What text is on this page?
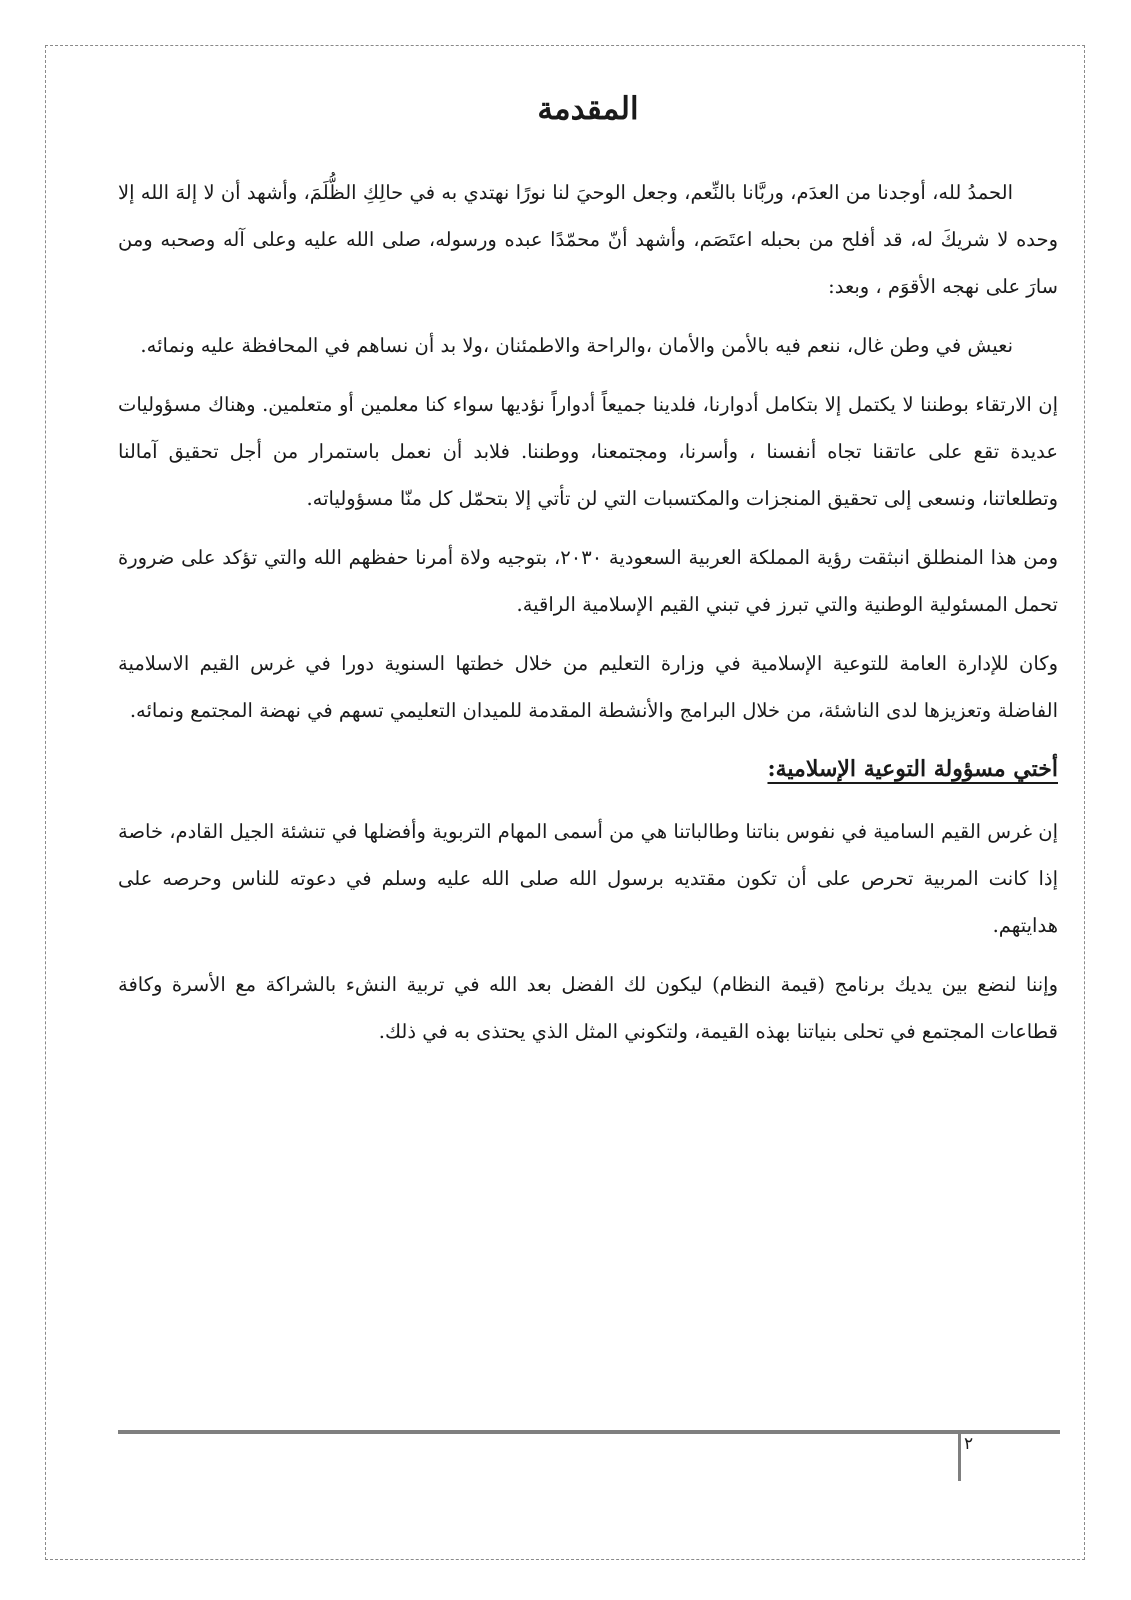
المقدمة

الحمدُ لله، أوجدنا من العدَم، وربَّانا بالنِّعم، وجعل الوحيَ لنا نورًا نهتدي به في حالِكِ الظُّلَمَ، وأشهد أن لا إلهَ الله إلا وحده لا شريكَ له، قد أفلح من بحبله اعتَصَم، وأشهد أنّ محمّدًا عبده ورسوله، صلى الله عليه وعلى آله وصحبه ومن سارَ على نهجه الأقوَم ، وبعد:

نعيش في وطن غال، ننعم فيه بالأمن والأمان ،والراحة والاطمئنان ،ولا بد أن نساهم في المحافظة عليه ونمائه.

إن الارتقاء بوطننا لا يكتمل إلا بتكامل أدوارنا، فلدينا جميعاً أدواراً نؤديها سواء كنا معلمين أو متعلمين. وهناك مسؤوليات عديدة تقع على عاتقنا تجاه أنفسنا ، وأسرنا، ومجتمعنا، ووطننا. فلابد أن نعمل باستمرار من أجل تحقيق آمالنا وتطلعاتنا، ونسعى إلى تحقيق المنجزات والمكتسبات التي لن تأتي إلا بتحمّل كل منّا مسؤولياته.

ومن هذا المنطلق انبثقت رؤية المملكة العربية السعودية ٢٠٣٠، بتوجيه ولاة أمرنا حفظهم الله والتي تؤكد على ضرورة تحمل المسئولية الوطنية والتي تبرز في تبني القيم الإسلامية الراقية.

وكان للإدارة العامة للتوعية الإسلامية في وزارة التعليم من خلال خطتها السنوية دورا في غرس القيم الاسلامية الفاضلة وتعزيزها لدى الناشئة، من خلال البرامج والأنشطة المقدمة للميدان التعليمي تسهم في نهضة المجتمع ونمائه.

أختي مسؤولة التوعية الإسلامية:

إن غرس القيم السامية في نفوس بناتنا وطالباتنا هي من أسمى المهام التربوية وأفضلها في تنشئة الجيل القادم، خاصة إذا كانت المربية تحرص على أن تكون مقتديه برسول الله صلى الله عليه وسلم في دعوته للناس وحرصه على هدايتهم.

وإننا لنضع بين يديك برنامج (قيمة النظام) ليكون لك الفضل بعد الله في تربية النشء بالشراكة مع الأسرة وكافة قطاعات المجتمع في تحلى بنياتنا بهذه القيمة، ولتكوني المثل الذي يحتذى به في ذلك.

٢
